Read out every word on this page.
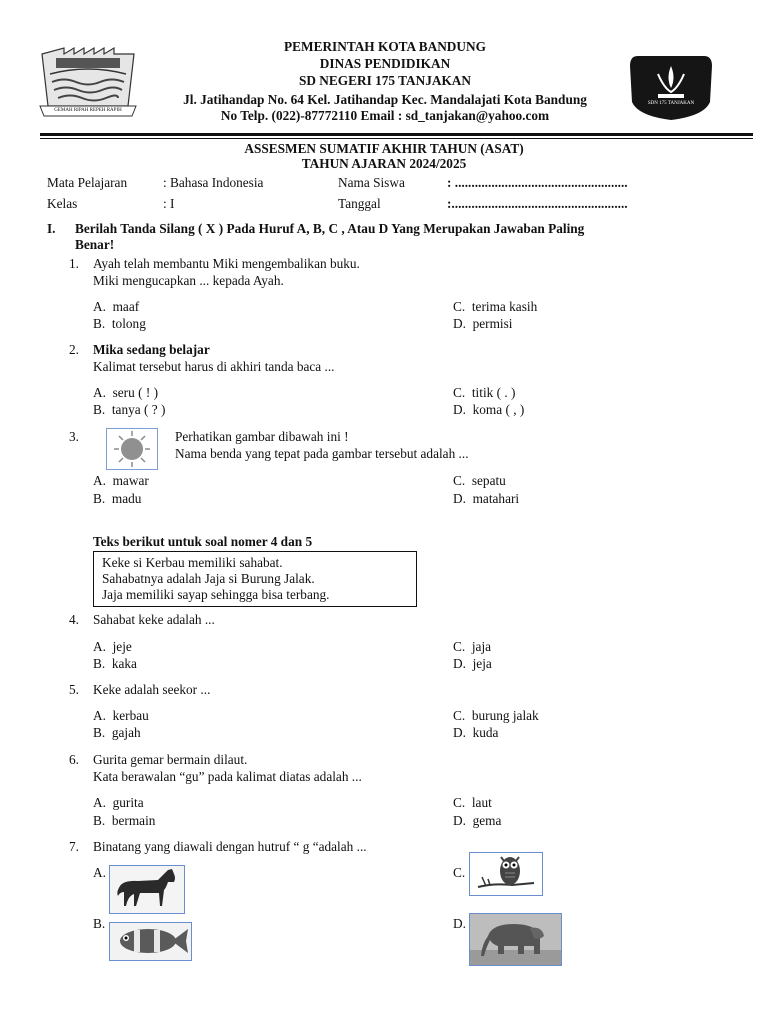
GEMAH RIPAH REPEH RAPIH
PEMERINTAH KOTA BANDUNG
DINAS PENDIDIKAN
SD NEGERI 175 TANJAKAN
Jl. Jatihandap No. 64 Kel. Jatihandap Kec. Mandalajati Kota Bandung
No Telp. (022)-87772110 Email : sd_tanjakan@yahoo.com
SDN 175 TANJAKAN
ASSESMEN SUMATIF AKHIR TAHUN (ASAT)
TAHUN AJARAN 2024/2025
Mata Pelajaran	: Bahasa Indonesia	Nama Siswa	: ....................................................
Kelas	: I	Tanggal	:.....................................................
I. Berilah Tanda Silang ( X ) Pada Huruf A, B, C , Atau D Yang Merupakan Jawaban Paling
Benar!
1. Ayah telah membantu Miki mengembalikan buku.
Miki mengucapkan ... kepada Ayah.
A. maaf
B. tolong
C. terima kasih
D. permisi
2. Mika sedang belajar
Kalimat tersebut harus di akhiri tanda baca ...
A. seru ( ! )
B. tanya ( ? )
C. titik ( . )
D. koma ( , )
3.	Perhatikan gambar dibawah ini !
Nama benda yang tepat pada gambar tersebut adalah ...
A. mawar
B. madu
C. sepatu
D. matahari
Teks berikut untuk soal nomer 4 dan 5
Keke si Kerbau memiliki sahabat.
Sahabatnya adalah Jaja si Burung Jalak.
Jaja memiliki sayap sehingga bisa terbang.
4. Sahabat keke adalah ...
A. jeje
B. kaka
C. jaja
D. jeja
5. Keke adalah seekor ...
A. kerbau
B. gajah
C. burung jalak
D. kuda
6. Gurita gemar bermain dilaut.
Kata berawalan “gu” pada kalimat diatas adalah ...
A. gurita
B. bermain
C. laut
D. gema
7. Binatang yang diawali dengan hutruf “ g “adalah ...
A.	C.
B.	D.
